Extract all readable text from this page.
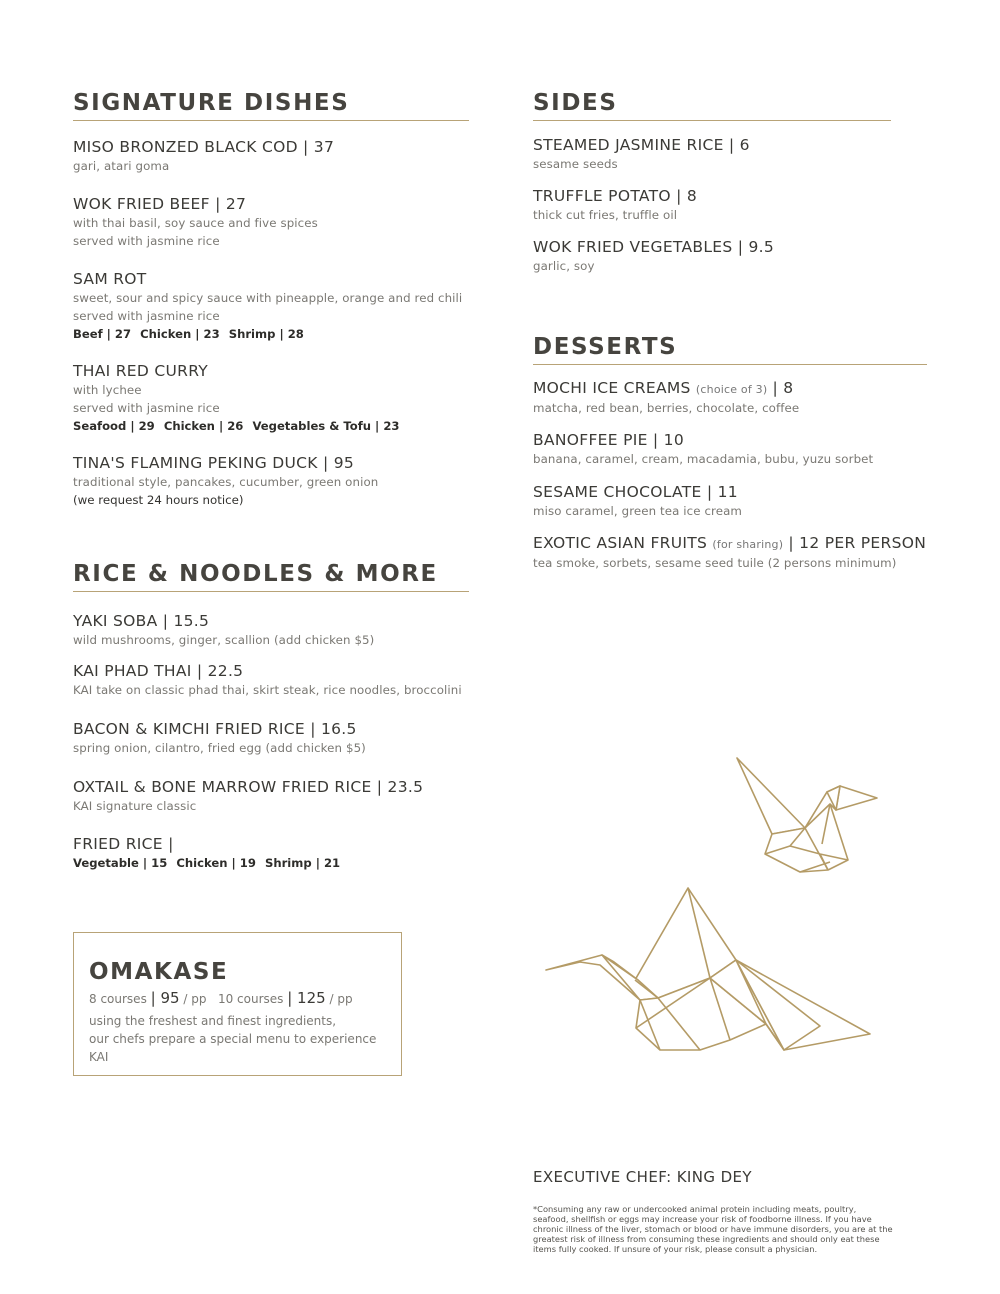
SIGNATURE DISHES
MISO BRONZED BLACK COD | 37
gari, atari goma
WOK FRIED BEEF | 27
with thai basil, soy sauce and five spices
served with jasmine rice
SAM ROT
sweet, sour and spicy sauce with pineapple, orange and red chili
served with jasmine rice
Beef | 27 Chicken | 23 Shrimp | 28
THAI RED CURRY
with lychee
served with jasmine rice
Seafood | 29 Chicken | 26 Vegetables & Tofu | 23
TINA'S FLAMING PEKING DUCK | 95
traditional style, pancakes, cucumber, green onion
(we request 24 hours notice)
RICE & NOODLES & MORE
YAKI SOBA | 15.5
wild mushrooms, ginger, scallion (add chicken $5)
KAI PHAD THAI | 22.5
KAI take on classic phad thai, skirt steak, rice noodles, broccolini
BACON & KIMCHI FRIED RICE | 16.5
spring onion, cilantro, fried egg (add chicken $5)
OXTAIL & BONE MARROW FRIED RICE | 23.5
KAI signature classic
FRIED RICE |
Vegetable | 15 Chicken | 19 Shrimp | 21
OMAKASE
8 courses | 95 / pp 10 courses | 125 / pp
using the freshest and finest ingredients,
our chefs prepare a special menu to experience KAI
SIDES
STEAMED JASMINE RICE | 6
sesame seeds
TRUFFLE POTATO | 8
thick cut fries, truffle oil
WOK FRIED VEGETABLES | 9.5
garlic, soy
DESSERTS
MOCHI ICE CREAMS (choice of 3) | 8
matcha, red bean, berries, chocolate, coffee
BANOFFEE PIE | 10
banana, caramel, cream, macadamia, bubu, yuzu sorbet
SESAME CHOCOLATE | 11
miso caramel, green tea ice cream
EXOTIC ASIAN FRUITS (for sharing) | 12 PER PERSON
tea smoke, sorbets, sesame seed tuile (2 persons minimum)
EXECUTIVE CHEF: KING DEY
*Consuming any raw or undercooked animal protein including meats, poultry, seafood, shellfish or eggs may increase your risk of foodborne illness. If you have chronic illness of the liver, stomach or blood or have immune disorders, you are at the greatest risk of illness from consuming these ingredients and should only eat these items fully cooked. If unsure of your risk, please consult a physician.
